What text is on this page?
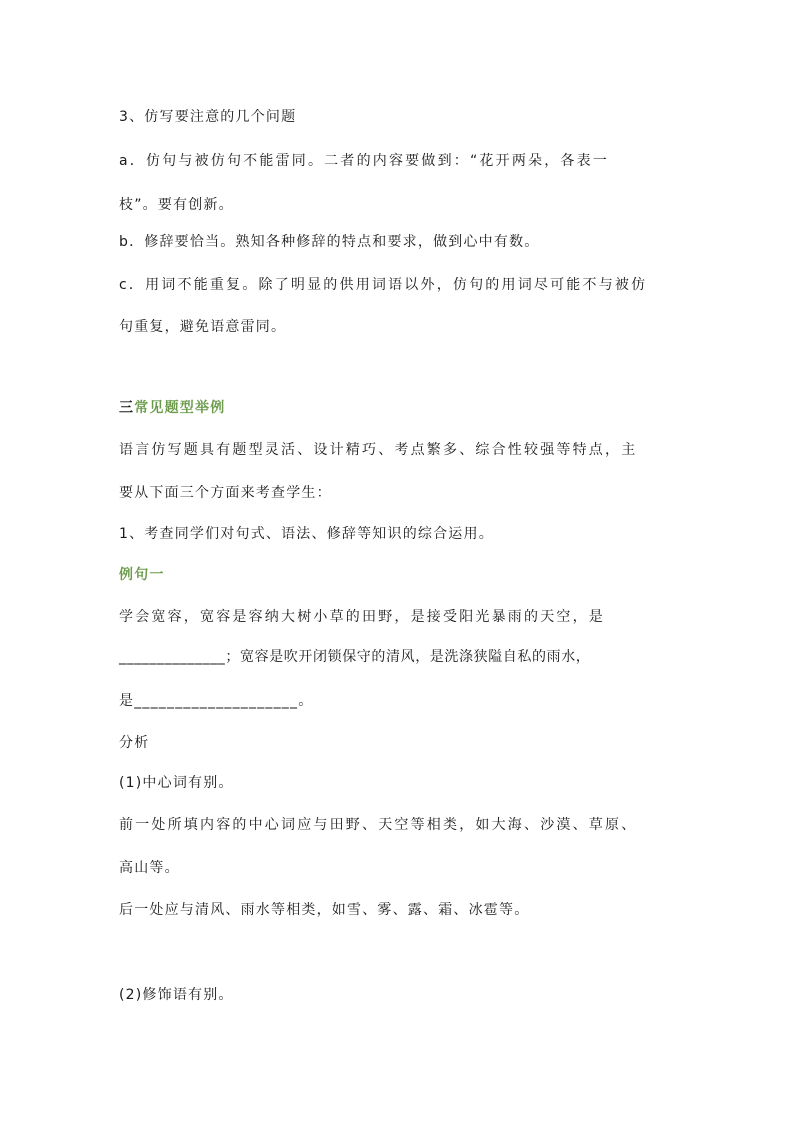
3、仿写要注意的几个问题
a．仿句与被仿句不能雷同。二者的内容要做到：“花开两朵，各表一
枝”。要有创新。
b．修辞要恰当。熟知各种修辞的特点和要求，做到心中有数。
c．用词不能重复。除了明显的供用词语以外，仿句的用词尽可能不与被仿
句重复，避免语意雷同。
三常见题型举例
语言仿写题具有题型灵活、设计精巧、考点繁多、综合性较强等特点，主
要从下面三个方面来考查学生：
1、考查同学们对句式、语法、修辞等知识的综合运用。
例句一
学会宽容，宽容是容纳大树小草的田野，是接受阳光暴雨的天空，是
______________；宽容是吹开闭锁保守的清风，是洗涤狭隘自私的雨水，
是____________________。
分析
(1)中心词有别。
前一处所填内容的中心词应与田野、天空等相类，如大海、沙漠、草原、
高山等。
后一处应与清风、雨水等相类，如雪、雾、露、霜、冰雹等。
(2)修饰语有别。
